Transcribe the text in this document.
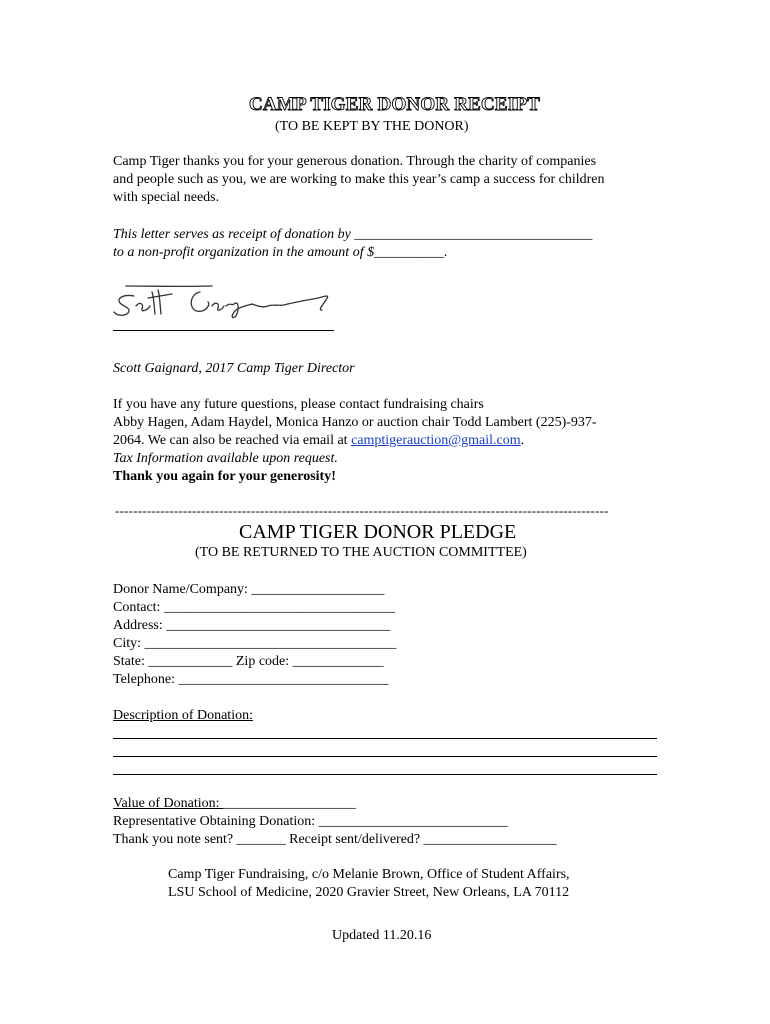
CAMP TIGER DONOR RECEIPT
(TO BE KEPT BY THE DONOR)
Camp Tiger thanks you for your generous donation. Through the charity of companies
and people such as you, we are working to make this year’s camp a success for children
with special needs.
This letter serves as receipt of donation by __________________________________
to a non-profit organization in the amount of $__________.
Scott Gaignard, 2017 Camp Tiger Director
If you have any future questions, please contact fundraising chairs
Abby Hagen, Adam Haydel, Monica Hanzo or auction chair Todd Lambert (225)-937-
2064. We can also be reached via email at camptigerauction@gmail.com.
Tax Information available upon request.
Thank you again for your generosity!
-------------------------------------------------------------------------------------------------------------
CAMP TIGER DONOR PLEDGE
(TO BE RETURNED TO THE AUCTION COMMITTEE)
Donor Name/Company: ___________________
Contact: _________________________________
Address: ________________________________
City: ____________________________________
State: ____________ Zip code: _____________
Telephone: ______________________________
Description of Donation:
Value of Donation: ___________________
Representative Obtaining Donation: ___________________________
Thank you note sent? _______ Receipt sent/delivered? ___________________
Camp Tiger Fundraising, c/o Melanie Brown, Office of Student Affairs,
LSU School of Medicine, 2020 Gravier Street, New Orleans, LA 70112
Updated 11.20.16
